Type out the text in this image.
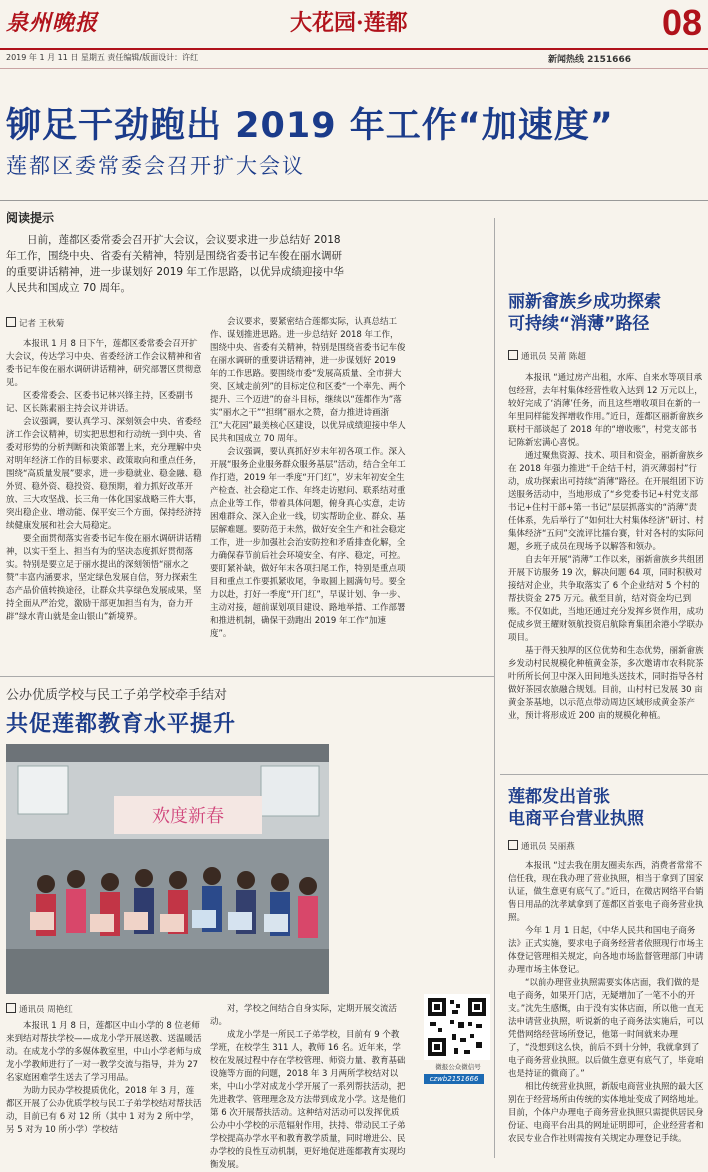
泉州晚报	大花园·莲都	08
2019 年 1 月 11 日 星期五 责任编辑/版面设计：许红	新闻热线 2151666
铆足干劲跑出 2019 年工作“加速度”
莲都区委常委会召开扩大会议
阅读提示

日前，莲都区委常委会召开扩大会议，会议要求进一步总结好 2018 年工作，围绕中央、省委有关精神，特别是围绕省委书记车俊在丽水调研的重要讲话精神，进一步谋划好 2019 年工作思路，以优异成绩迎接中华人民共和国成立 70 周年。

记者 王秋菊

本报讯 1 月 8 日下午，莲都区委常委会召开扩大会议，传达学习中央、省委经济工作会议精神和省委书记车俊在丽水调研讲话精神，研究部署区贯彻意见。

区委常委会、区委书记林兴锋主持，区委副书记、区长陈素丽主持会议并讲话。

会议强调，要认真学习、深刻领会中央、省委经济工作会议精神，切实把思想和行动统一到中央、省委对形势的分析判断和决策部署上来，充分理解中央对明年经济工作的目标要求、政策取向和重点任务，围绕“高质量发展”要求，进一步稳就业、稳金融、稳外贸、稳外资、稳投资、稳预期，着力抓好改革开放、三大攻坚战、长三角一体化国家战略三件大事，突出稳企业、增动能、保平安三个方面，保持经济持续健康发展和社会大局稳定。

要全面贯彻落实省委书记车俊在丽水调研讲话精神，以实干至上、担当有为的坚决态度抓好贯彻落实。特别是要立足于丽水提出的深刻领悟“丽水之赞”丰富内涵要求，坚定绿色发展自信，努力探索生态产品价值转换途径，让群众共享绿色发展成果，坚持全面从严治党，激励干部更加担当有为，奋力开辟“绿水青山就是金山银山”新境界。

会议要求，要紧密结合莲都实际，认真总结工作、谋划推进思路。进一步总结好 2018 年工作，围绕中央、省委有关精神，特别是围绕省委书记车俊在丽水调研的重要讲话精神，进一步谋划好 2019 年的工作思路。要围绕市委“发展高质量、全市拼大突、区域走前列”的目标定位和区委“一个率先、两个提升、三个迈进”的奋斗目标，继续以“莲都作为”落实“丽水之干”“担纲”丽水之赞，奋力推进诗画浙江“大花园”最美核心区建设，以优异成绩迎接中华人民共和国成立 70 周年。

会议强调，要认真抓好岁末年初各项工作。深入开展“服务企业服务群众服务基层”活动，结合全年工作打造，2019 年一季度“开门红”，岁末年初安全生产检查、社会稳定工作、年终走访慰问、联系结对重点企业等工作，带着具体问题，俯身真心实意，走访困难群众、深入企业一线，切实帮助企业、群众、基层解难题。要防范于未然，做好安全生产和社会稳定工作，进一步加强社会治安防控和矛盾排查化解，全力确保春节前后社会环境安全、有序、稳定，可控。要盯紧补缺，做好年末各项扫尾工作，特别是重点项目和重点工作要抓紧收尾，争取圆上圆满句号。要全力以赴，打好一季度“开门红”，早谋计划、争一步、主动对接，超前谋划项目建设、路地举措、工作部署和推进机制，确保干劲跑出 2019 年工作“加速度”。

丽新畲族乡成功探索
可持续“消薄”路径
通讯员 吴莆 陈超

本报讯 “通过房产出租，水库、自来水等项目承包经营，去年村集体经营性收入达到 12 万元以上，较好完成了‘消薄’任务，而且这些增收项目在新的一年里同样能发挥增收作用。”近日，莲都区丽新畲族乡联村干部谈起了 2018 年的“增收账”，村党支部书记陈新宏满心喜悦。

通过聚焦资源、技术、项目和资金，丽新畲族乡在 2018 年强力推进“千企结千村，消灭薄弱村”行动，成功探索出可持续“消薄”路径。在开展组团下访送服务活动中，当地形成了“乡党委书记+村党支部书记+住村干部+第一书记”层层抓落实的“消薄”责任体系，先后举行了“如何壮大村集体经济”研讨、村集体经济“五问”交流评比擂台赛，针对各村的实际问题，乡班子成员在现场予以解答和领办。

自去年开展“消薄”工作以来，丽新畲族乡共组团开展下访服务 19 次，解决问题 64 项，同时积极对接结对企业，共争取落实了 6 个企业结对 5 个村的帮扶资金 275 万元。截至目前，结对资金均已到账。不仅如此，当地还通过充分发挥乡贤作用，成功促成乡贤王耀财领航投资启航除育集团余港小学联办项目。

基于得天独厚的区位优势和生态优势，丽新畲族乡发动村民规模化种植黄金茶，多次邀请市农科院茶叶所所长何卫中深入田间地头送技术，同时指导各村做好茶园农旅融合规划。目前，山村村已发展 30 亩黄金茶基地，以示范点带动周边区域形成黄金茶产业，预计将形成近 200 亩的规模化种植。

公办优质学校与民工子弟学校牵手结对
共促莲都教育水平提升
欢度新春
通讯员 周艳红

本报讯 1 月 8 日，莲都区中山小学的 8 位老师来到结对帮扶学校——成龙小学开展送教、送温暖活动。在成龙小学的多媒体教室里，中山小学老师与成龙小学教师进行了一对一教学交流与指导，并为 27 名家庭困难学生送去了学习用品。

为助力民办学校提质优化，2018 年 3 月，莲都区开展了公办优质学校与民工子弟学校结对帮扶活动，目前已有 6 对 12 所（其中 1 对为 2 所中学，另 5 对为 10 所小学）学校结

对，学校之间结合自身实际，定期开展交流活动。

成龙小学是一所民工子弟学校，目前有 9 个教学班，在校学生 311 人，教师 16 名。近年来，学校在发展过程中存在学校管理、师资力量、教育基础设施等方面的问题，2018 年 3 月两所学校结对以来，中山小学对成龙小学开展了一系列帮扶活动，把先进教学、管理理念及方法带到成龙小学。这是他们第 6 次开展帮扶活动。这种结对活动可以发挥优质公办中小学校的示范辐射作用，扶持、带动民工子弟学校提高办学水平和教育教学质量，同时增进公、民办学校的良性互动机制，更好地促进莲都教育实现均衡发展。

微报公众微信号
czwb2151666
莲都发出首张
电商平台营业执照
通讯员 吴丽燕

本报讯 “过去我在朋友圈卖东西，消费者常常不信任我，现在我办理了营业执照，相当于拿到了国家认证，做生意更有底气了。”近日，在微店网络平台销售日用品的沈孝斌拿到了莲都区首张电子商务营业执照。

今年 1 月 1 日起，《中华人民共和国电子商务法》正式实施，要求电子商务经营者依照现行市场主体登记管理相关规定，向各地市场监督管理部门申请办理市场主体登记。

“以前办理营业执照需要实体店面，我们做的是电子商务，如果开门店，无疑增加了一笔不小的开支。”沈先生感慨，由于没有实体店面，所以他一直无法申请营业执照，听说新的电子商务法实施后，可以凭借网络经营场所登记，他第一时间就来办理了，“没想到这么快，前后不到十分钟，我就拿到了电子商务营业执照。以后做生意更有底气了，毕竟咱也是持证的微商了。”

相比传统营业执照，新版电商营业执照的最大区别在于经营场所由传统的实体地址变成了网络地址。目前，个体户办理电子商务营业执照只需提供居民身份证、电商平台出具的网址证明即可，企业经营者和农民专业合作社则需按有关规定办理登记手续。
